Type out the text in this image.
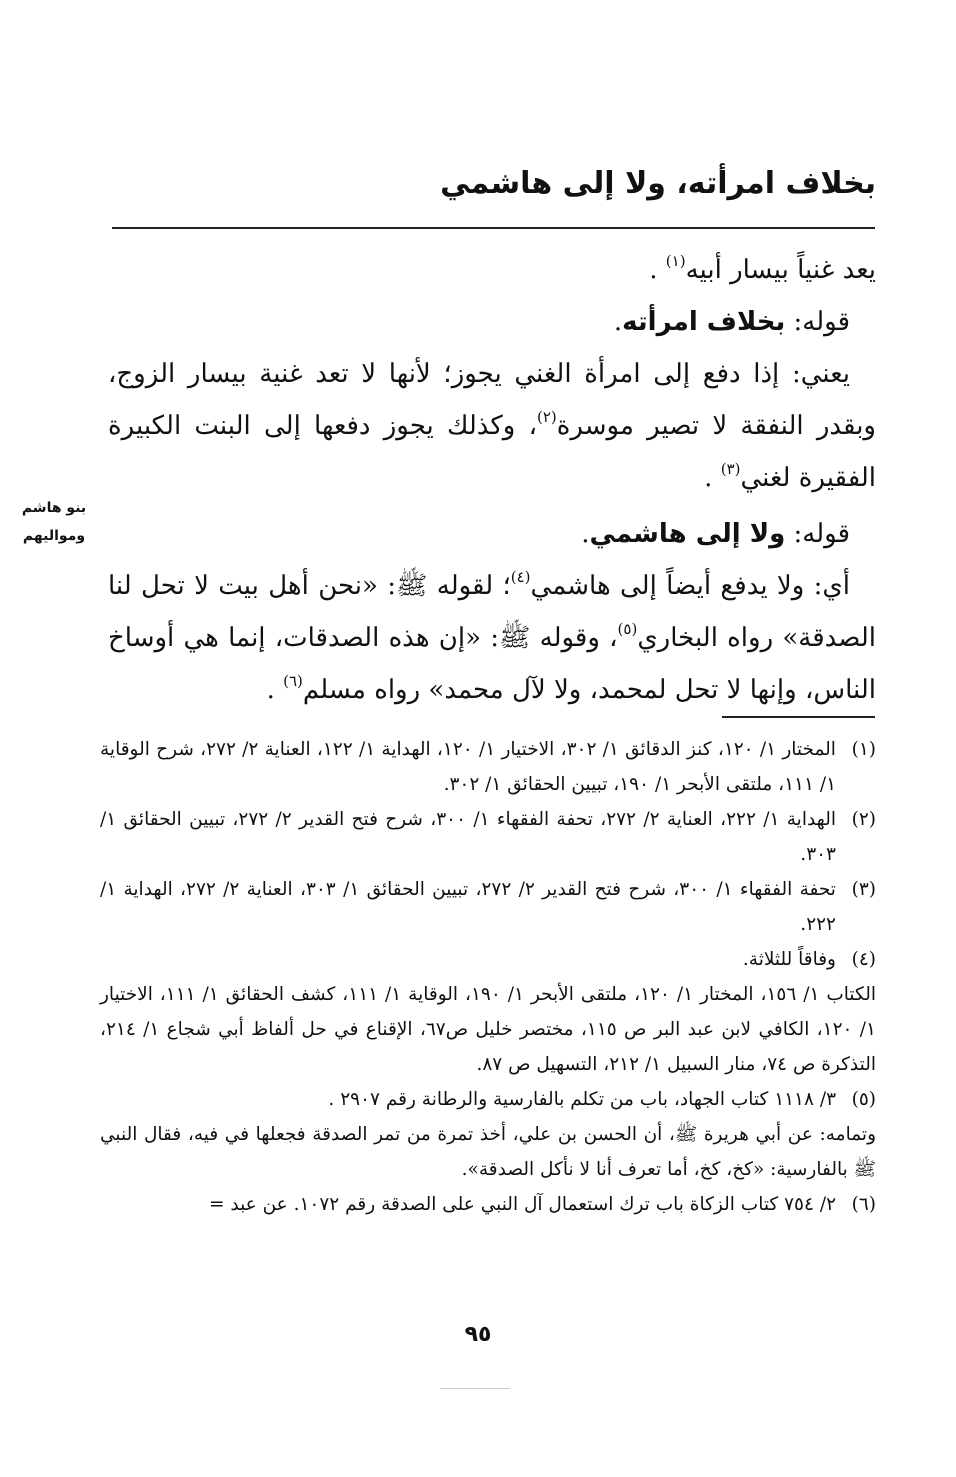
بخلاف امرأته، ولا إلى هاشمي
بنو هاشم
ومواليهم

يعد غنياً بيسار أبيه$^{(١)}$ .

قوله: بخلاف امرأته.

يعني: إذا دفع إلى امرأة الغني يجوز؛ لأنها لا تعد غنية بيسار الزوج، وبقدر النفقة لا تصير موسرة$^{(٢)}$، وكذلك يجوز دفعها إلى البنت الكبيرة الفقيرة لغني$^{(٣)}$ .

قوله: ولا إلى هاشمي.

أي: ولا يدفع أيضاً إلى هاشمي$^{(٤)}$؛ لقوله ﷺ: «نحن أهل بيت لا تحل لنا الصدقة» رواه البخاري$^{(٥)}$، وقوله ﷺ: «إن هذه الصدقات، إنما هي أوساخ الناس، وإنها لا تحل لمحمد، ولا لآل محمد» رواه مسلم$^{(٦)}$ .

(١)
المختار ١/ ١٢٠، كنز الدقائق ١/ ٣٠٢، الاختيار ١/ ١٢٠، الهداية ١/ ١٢٢، العناية ٢/ ٢٧٢، شرح الوقاية ١/ ١١١، ملتقى الأبحر ١/ ١٩٠، تبيين الحقائق ١/ ٣٠٢.
(٢)
الهداية ١/ ٢٢٢، العناية ٢/ ٢٧٢، تحفة الفقهاء ١/ ٣٠٠، شرح فتح القدير ٢/ ٢٧٢، تبيين الحقائق ١/ ٣٠٣.
(٣)
تحفة الفقهاء ١/ ٣٠٠، شرح فتح القدير ٢/ ٢٧٢، تبيين الحقائق ١/ ٣٠٣، العناية ٢/ ٢٧٢، الهداية ١/ ٢٢٢.
(٤)
وفاقاً للثلاثة.
الكتاب ١/ ١٥٦، المختار ١/ ١٢٠، ملتقى الأبحر ١/ ١٩٠، الوقاية ١/ ١١١، كشف الحقائق ١/ ١١١، الاختيار ١/ ١٢٠، الكافي لابن عبد البر ص ١١٥، مختصر خليل ص٦٧، الإقناع في حل ألفاظ أبي شجاع ١/ ٢١٤، التذكرة ص ٧٤، منار السبيل ١/ ٢١٢، التسهيل ص ٨٧.
(٥)
٣/ ١١١٨ كتاب الجهاد، باب من تكلم بالفارسية والرطانة رقم ٢٩٠٧ .
وتمامه: عن أبي هريرة ﷺ، أن الحسن بن علي، أخذ تمرة من تمر الصدقة فجعلها في فيه، فقال النبي ﷺ بالفارسية: «كخ، كخ، أما تعرف أنا لا نأكل الصدقة».
(٦)
٢/ ٧٥٤ كتاب الزكاة باب ترك استعمال آل النبي على الصدقة رقم ١٠٧٢. عن عبد =
٩٥
